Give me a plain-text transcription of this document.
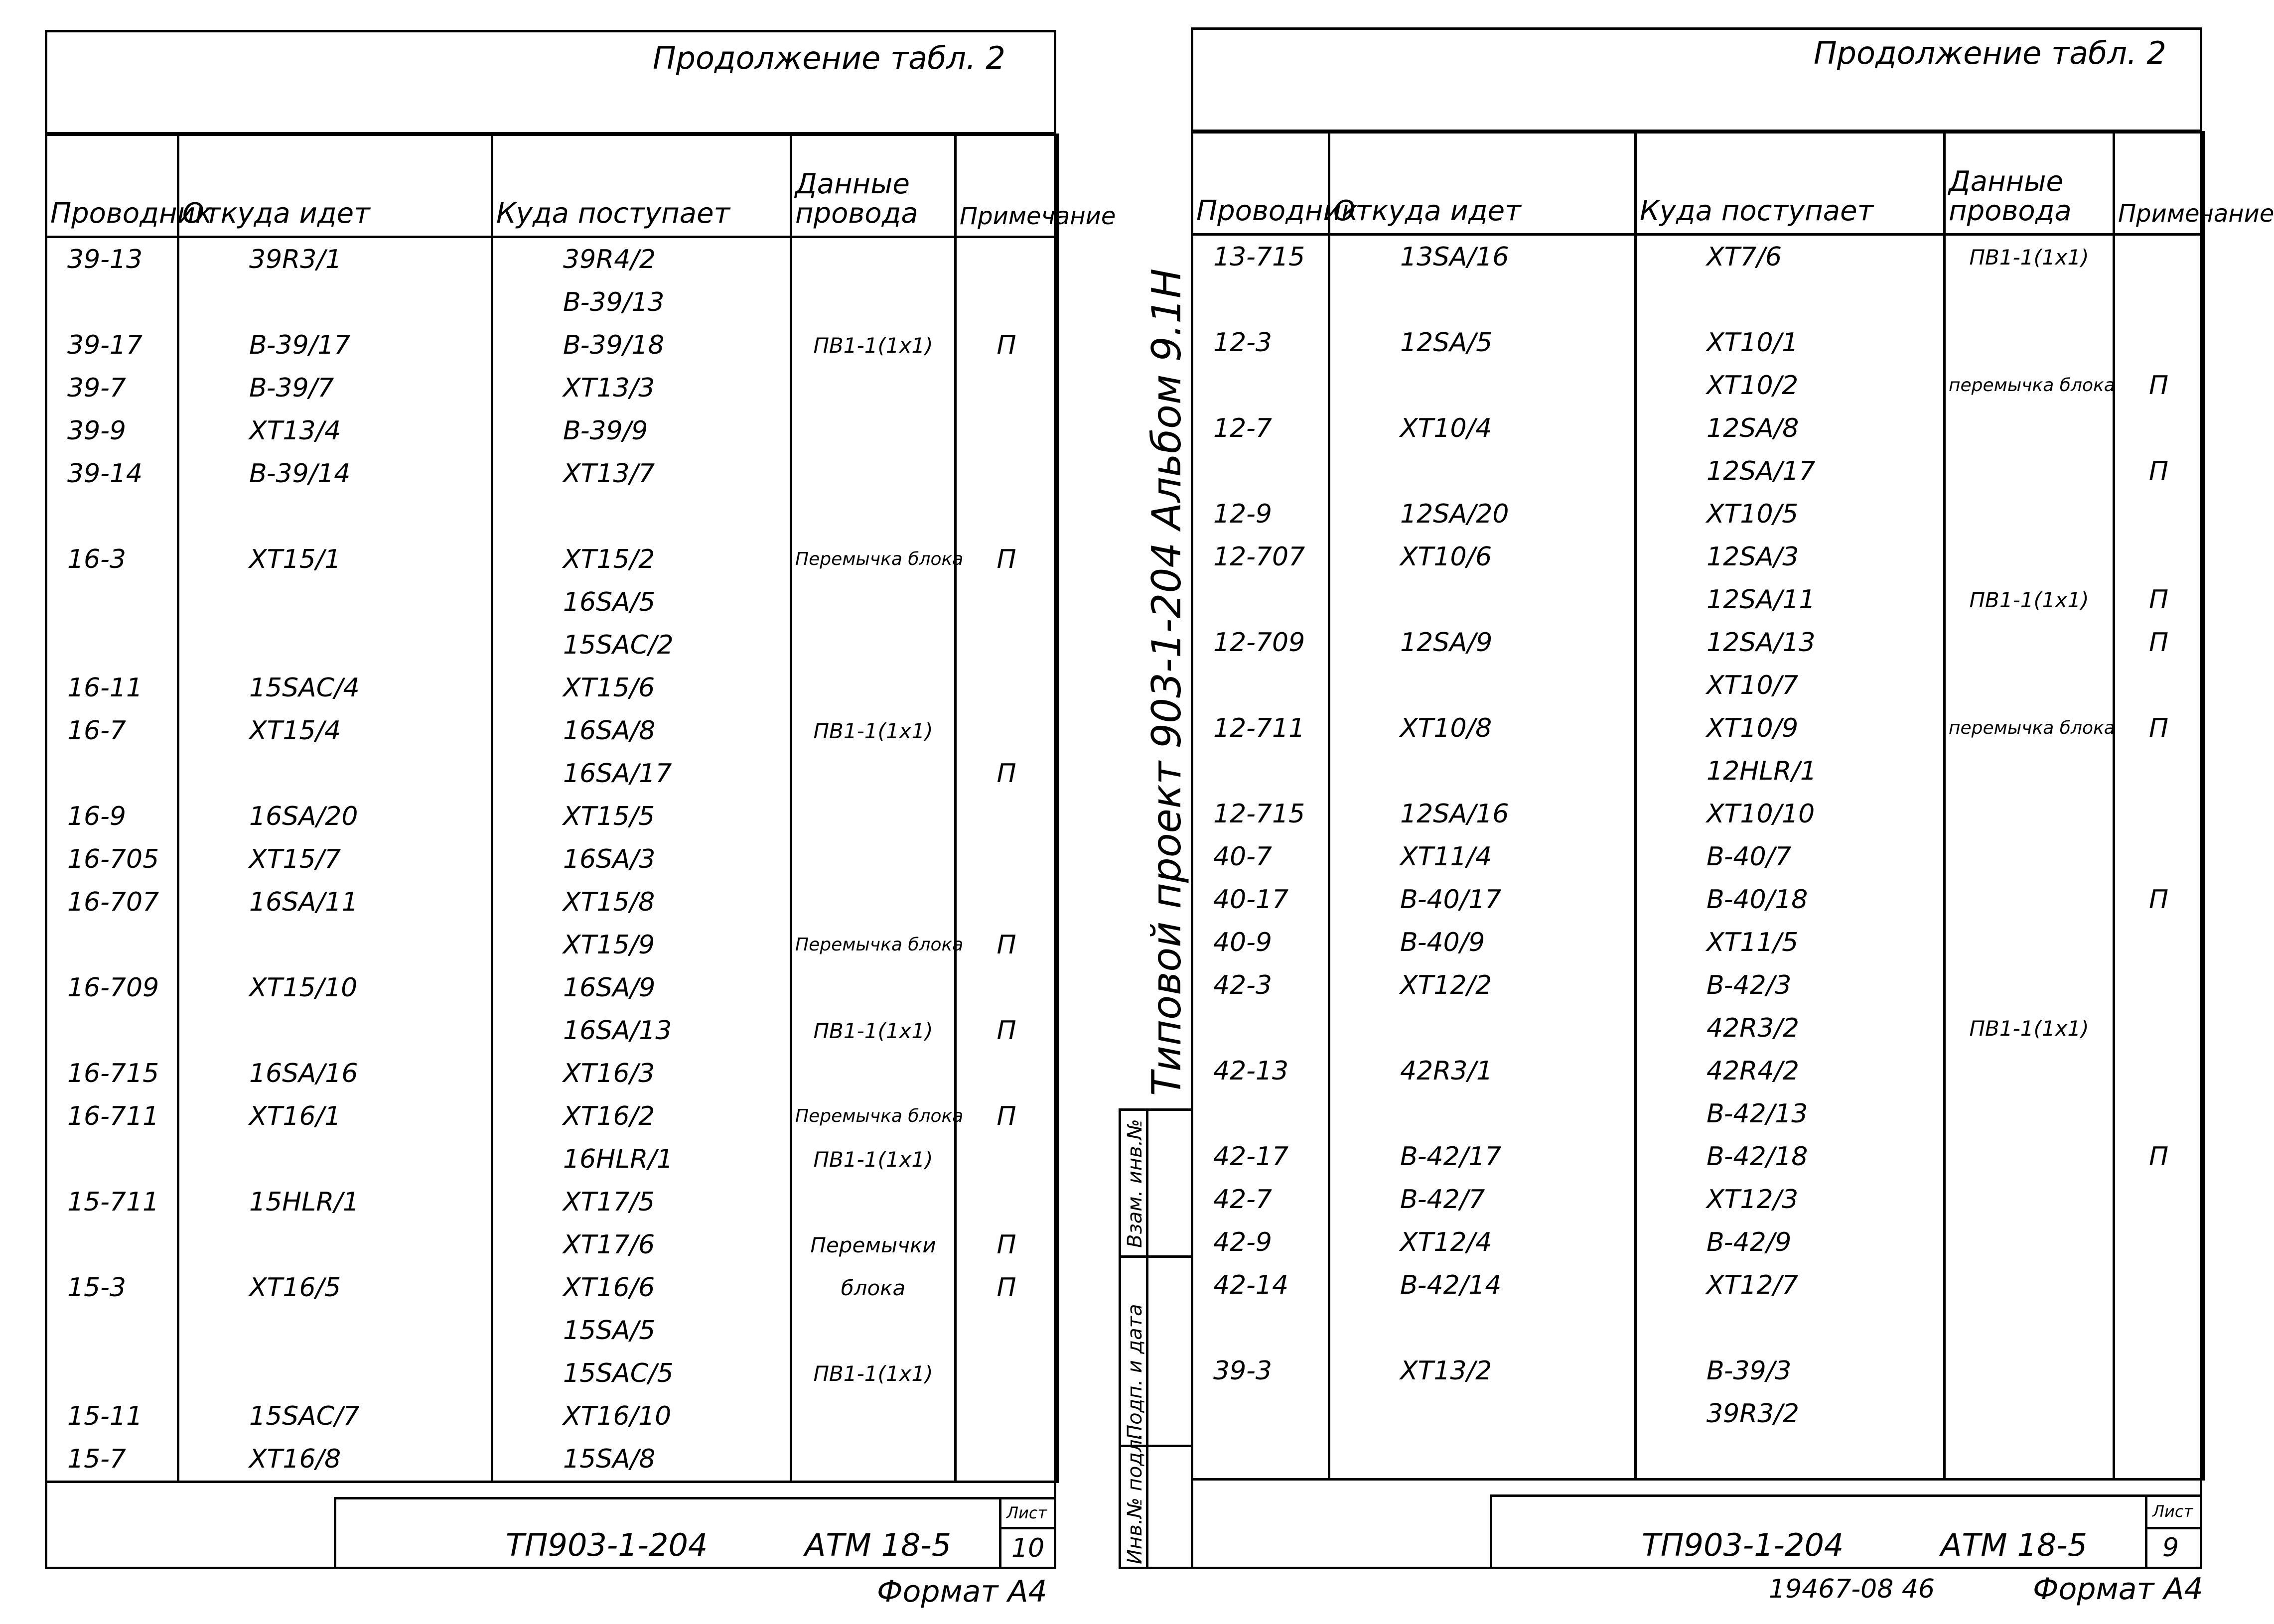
Продолжение табл. 2
Проводник	Откуда идет	Куда поступает	Данные провода	Примечание
39-13	39R3/1	39R4/2		
		B-39/13		
39-17	B-39/17	B-39/18	ПВ1-1(1x1)	П
39-7	B-39/7	XT13/3		
39-9	XT13/4	B-39/9		
39-14	B-39/14	XT13/7		

16-3	XT15/1	XT15/2	Перемычка блока	П
		16SA/5		
		15SAC/2		
16-11	15SAC/4	XT15/6		
16-7	XT15/4	16SA/8	ПВ1-1(1x1)	
		16SA/17		П
16-9	16SA/20	XT15/5		
16-705	XT15/7	16SA/3		
16-707	16SA/11	XT15/8		
		XT15/9	Перемычка блока	П
16-709	XT15/10	16SA/9		
		16SA/13	ПВ1-1(1x1)	П
16-715	16SA/16	XT16/3		
16-711	XT16/1	XT16/2	Перемычка блока	П
		16HLR/1	ПВ1-1(1x1)	
15-711	15HLR/1	XT17/5		
		XT17/6	Перемычки	П
15-3	XT16/5	XT16/6	блока	П
		15SA/5		
		15SAC/5	ПВ1-1(1x1)	
15-11	15SAC/7	XT16/10		
15-7	XT16/8	15SA/8		
ТП903-1-204	АТМ 18-5
Лист
10
Формат А4
Типовой проект 903-1-204 Альбом 9.1Н
Взам. инв.№
Подп. и дата
Инв.№ подл.
Продолжение табл. 2
Проводник	Откуда идет	Куда поступает	Данные провода	Примечание
13-715	13SA/16	XT7/6	ПВ1-1(1x1)	

12-3	12SA/5	XT10/1		
		XT10/2	перемычка блока	П
12-7	XT10/4	12SA/8		
		12SA/17		П
12-9	12SA/20	XT10/5		
12-707	XT10/6	12SA/3		
		12SA/11	ПВ1-1(1x1)	П
12-709	12SA/9	12SA/13		П
		XT10/7		
12-711	XT10/8	XT10/9	перемычка блока	П
		12HLR/1		
12-715	12SA/16	XT10/10		
40-7	XT11/4	B-40/7		
40-17	B-40/17	B-40/18		П
40-9	B-40/9	XT11/5		
42-3	XT12/2	B-42/3		
		42R3/2	ПВ1-1(1x1)	
42-13	42R3/1	42R4/2		
		B-42/13		
42-17	B-42/17	B-42/18		П
42-7	B-42/7	XT12/3		
42-9	XT12/4	B-42/9		
42-14	B-42/14	XT12/7		

39-3	XT13/2	B-39/3		
		39R3/2		

ТП903-1-204	АТМ 18-5
Лист
9
19467-08 46	Формат А4
